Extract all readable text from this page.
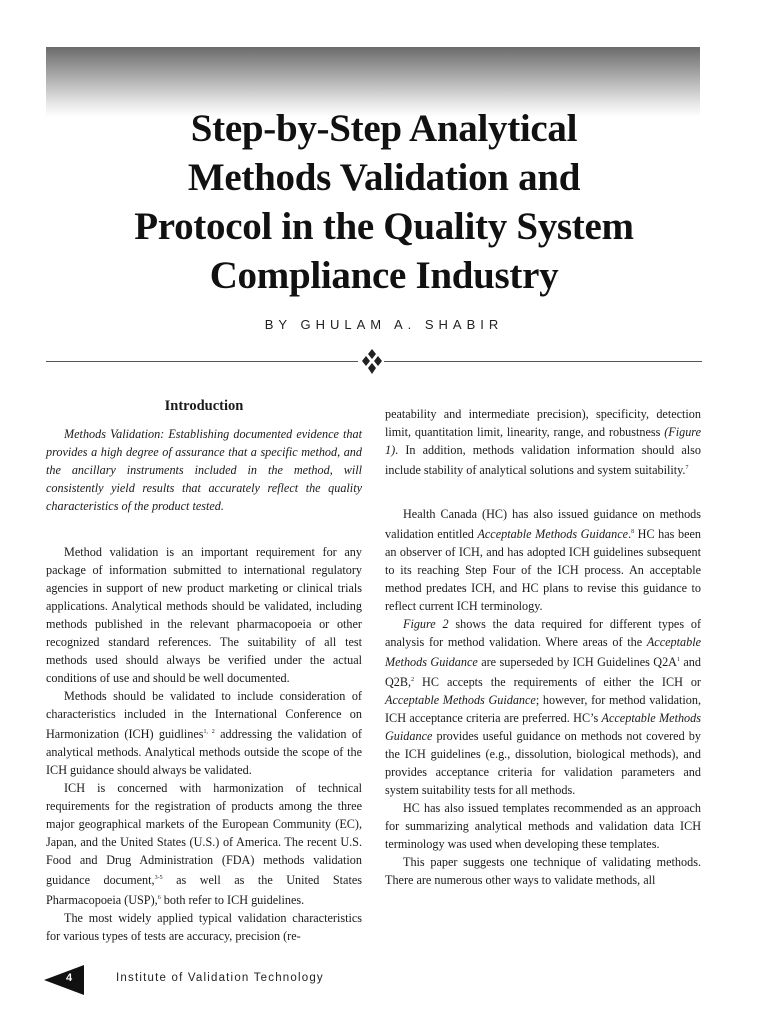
Step-by-Step Analytical
Methods Validation and
Protocol in the Quality System
Compliance Industry
BY GHULAM A. SHABIR
Introduction

Methods Validation: Establishing documented evidence that provides a high degree of assurance that a specific method, and the ancillary instruments included in the method, will consistently yield results that accurately reflect the quality characteristics of the product tested.

Method validation is an important requirement for any package of information submitted to international regulatory agencies in support of new product marketing or clinical trials applications. Analytical methods should be validated, including methods published in the relevant pharmacopoeia or other recognized standard references. The suitability of all test methods used should always be verified under the actual conditions of use and should be well documented.

Methods should be validated to include consideration of characteristics included in the International Conference on Harmonization (ICH) guidlines$^{1, 2}$ addressing the validation of analytical methods. Analytical methods outside the scope of the ICH guidance should always be validated.

ICH is concerned with harmonization of technical requirements for the registration of products among the three major geographical markets of the European Community (EC), Japan, and the United States (U.S.) of America. The recent U.S. Food and Drug Administration (FDA) methods validation guidance document,$^{3-5}$ as well as the United States Pharmacopoeia (USP),$^6$ both refer to ICH guidelines.

The most widely applied typical validation characteristics for various types of tests are accuracy, precision (re-

peatability and intermediate precision), specificity, detection limit, quantitation limit, linearity, range, and robustness (Figure 1). In addition, methods validation information should also include stability of analytical solutions and system suitability.$^7$

Health Canada (HC) has also issued guidance on methods validation entitled Acceptable Methods Guidance.$^8$ HC has been an observer of ICH, and has adopted ICH guidelines subsequent to its reaching Step Four of the ICH process. An acceptable method predates ICH, and HC plans to revise this guidance to reflect current ICH terminology.

Figure 2 shows the data required for different types of analysis for method validation. Where areas of the Acceptable Methods Guidance are superseded by ICH Guidelines $Q2A^1$ and Q2B,$^2$ HC accepts the requirements of either the ICH or Acceptable Methods Guidance; however, for method validation, ICH acceptance criteria are preferred. HC’s Acceptable Methods Guidance provides useful guidance on methods not covered by the ICH guidelines (e.g., dissolution, biological methods), and provides acceptance criteria for validation parameters and system suitability tests for all methods.

HC has also issued templates recommended as an approach for summarizing analytical methods and validation data ICH terminology was used when developing these templates.

This paper suggests one technique of validating methods. There are numerous other ways to validate methods, all

4	Institute of Validation Technology
